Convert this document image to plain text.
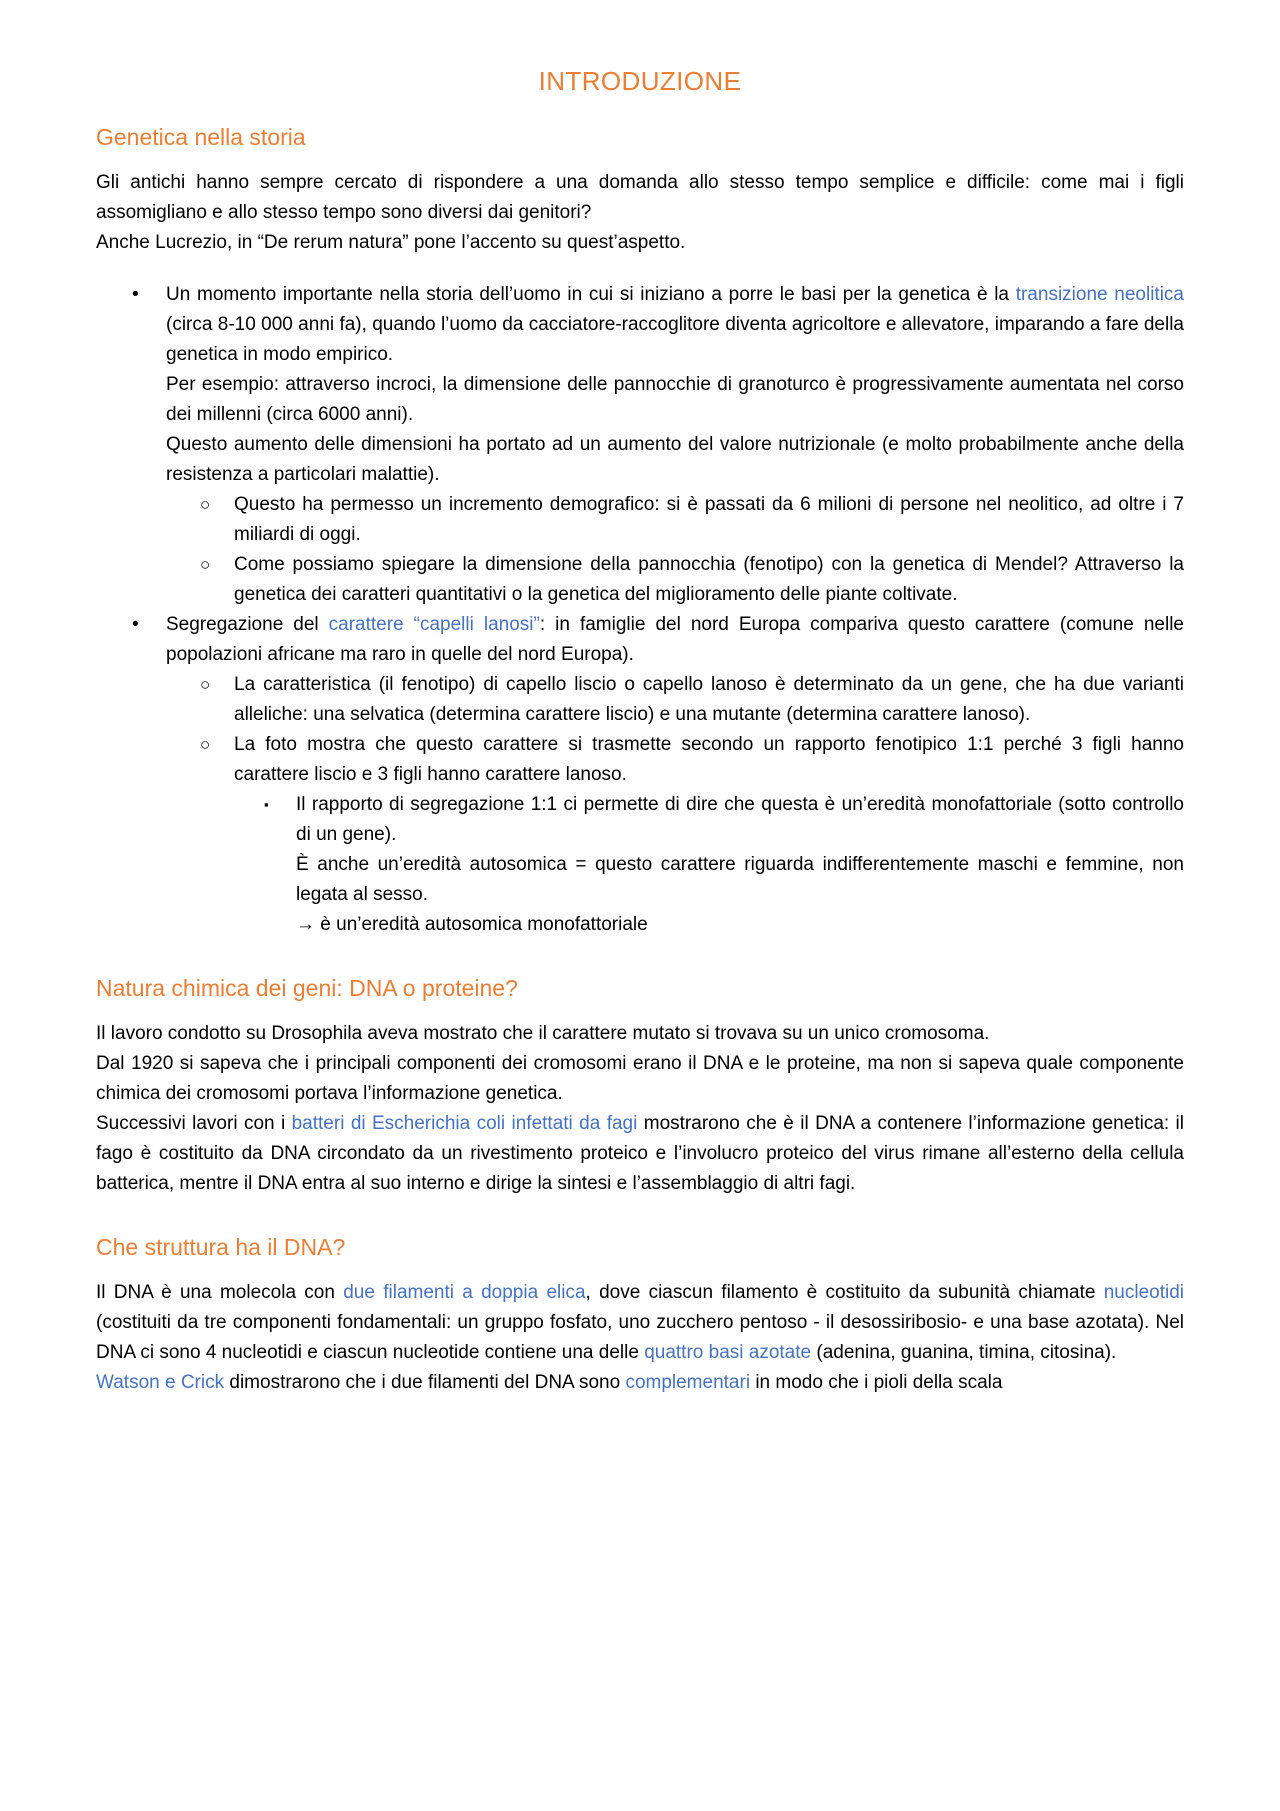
INTRODUZIONE
Genetica nella storia

Gli antichi hanno sempre cercato di rispondere a una domanda allo stesso tempo semplice e difficile: come mai i figli assomigliano e allo stesso tempo sono diversi dai genitori?

Anche Lucrezio, in “De rerum natura” pone l’accento su quest’aspetto.

• Un momento importante nella storia dell’uomo in cui si iniziano a porre le basi per la genetica è la transizione neolitica (circa 8-10 000 anni fa), quando l’uomo da cacciatore-raccoglitore diventa agricoltore e allevatore, imparando a fare della genetica in modo empirico.

Per esempio: attraverso incroci, la dimensione delle pannocchie di granoturco è progressivamente aumentata nel corso dei millenni (circa 6000 anni).

Questo aumento delle dimensioni ha portato ad un aumento del valore nutrizionale (e molto probabilmente anche della resistenza a particolari malattie).

○ Questo ha permesso un incremento demografico: si è passati da 6 milioni di persone nel neolitico, ad oltre i 7 miliardi di oggi.

○ Come possiamo spiegare la dimensione della pannocchia (fenotipo) con la genetica di Mendel? Attraverso la genetica dei caratteri quantitativi o la genetica del miglioramento delle piante coltivate.

• Segregazione del carattere “capelli lanosi”: in famiglie del nord Europa compariva questo carattere (comune nelle popolazioni africane ma raro in quelle del nord Europa).

○ La caratteristica (il fenotipo) di capello liscio o capello lanoso è determinato da un gene, che ha due varianti alleliche: una selvatica (determina carattere liscio) e una mutante (determina carattere lanoso).

○ La foto mostra che questo carattere si trasmette secondo un rapporto fenotipico 1:1 perché 3 figli hanno carattere liscio e 3 figli hanno carattere lanoso.

▪ Il rapporto di segregazione 1:1 ci permette di dire che questa è un’eredità monofattoriale (sotto controllo di un gene).

È anche un’eredità autosomica = questo carattere riguarda indifferentemente maschi e femmine, non legata al sesso.

→ è un’eredità autosomica monofattoriale

Natura chimica dei geni: DNA o proteine?

Il lavoro condotto su Drosophila aveva mostrato che il carattere mutato si trovava su un unico cromosoma.

Dal 1920 si sapeva che i principali componenti dei cromosomi erano il DNA e le proteine, ma non si sapeva quale componente chimica dei cromosomi portava l’informazione genetica.

Successivi lavori con i batteri di Escherichia coli infettati da fagi mostrarono che è il DNA a contenere l’informazione genetica: il fago è costituito da DNA circondato da un rivestimento proteico e l’involucro proteico del virus rimane all’esterno della cellula batterica, mentre il DNA entra al suo interno e dirige la sintesi e l’assemblaggio di altri fagi.

Che struttura ha il DNA?

Il DNA è una molecola con due filamenti a doppia elica, dove ciascun filamento è costituito da subunità chiamate nucleotidi (costituiti da tre componenti fondamentali: un gruppo fosfato, uno zucchero pentoso - il desossiribosio- e una base azotata). Nel DNA ci sono 4 nucleotidi e ciascun nucleotide contiene una delle quattro basi azotate (adenina, guanina, timina, citosina).

Watson e Crick dimostrarono che i due filamenti del DNA sono complementari in modo che i pioli della scala
